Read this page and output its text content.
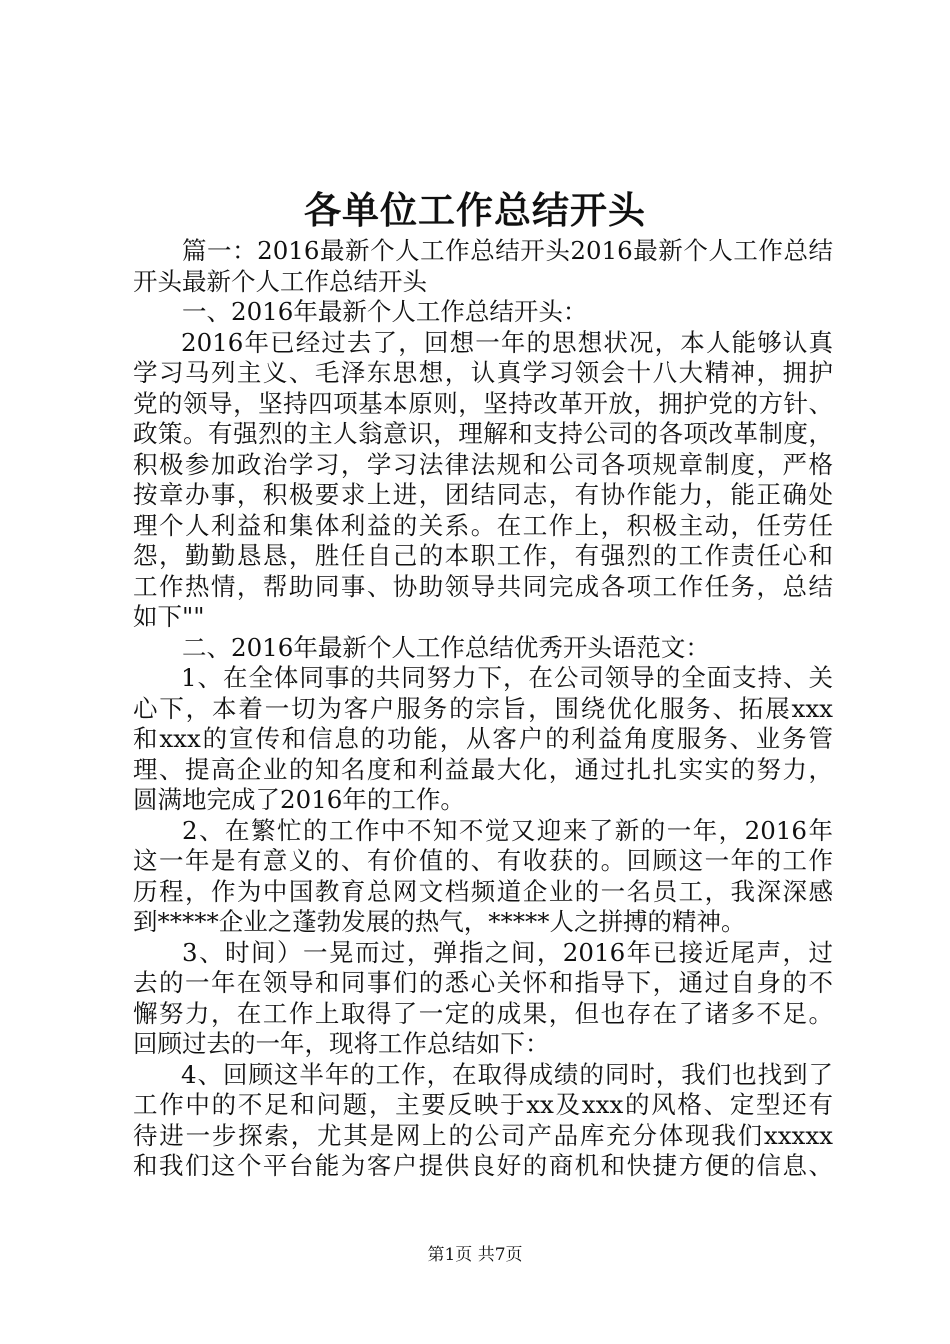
各单位工作总结开头
篇一：2016最新个人工作总结开头2016最新个人工作总结
开头最新个人工作总结开头
一、2016年最新个人工作总结开头：
2016年已经过去了，回想一年的思想状况，本人能够认真
学习马列主义、毛泽东思想，认真学习领会十八大精神，拥护
党的领导，坚持四项基本原则，坚持改革开放，拥护党的方针、
政策。有强烈的主人翁意识，理解和支持公司的各项改革制度，
积极参加政治学习，学习法律法规和公司各项规章制度，严格
按章办事，积极要求上进，团结同志，有协作能力，能正确处
理个人利益和集体利益的关系。在工作上，积极主动，任劳任
怨，勤勤恳恳，胜任自己的本职工作，有强烈的工作责任心和
工作热情，帮助同事、协助领导共同完成各项工作任务，总结
如下""
二、2016年最新个人工作总结优秀开头语范文：
1、在全体同事的共同努力下，在公司领导的全面支持、关
心下，本着一切为客户服务的宗旨，围绕优化服务、拓展xxx
和xxx的宣传和信息的功能，从客户的利益角度服务、业务管
理、提高企业的知名度和利益最大化，通过扎扎实实的努力，
圆满地完成了2016年的工作。
2、在繁忙的工作中不知不觉又迎来了新的一年，2016年
这一年是有意义的、有价值的、有收获的。回顾这一年的工作
历程，作为中国教育总网文档频道企业的一名员工，我深深感
到*****企业之蓬勃发展的热气，*****人之拼搏的精神。
3、时间）一晃而过，弹指之间，2016年已接近尾声，过
去的一年在领导和同事们的悉心关怀和指导下，通过自身的不
懈努力，在工作上取得了一定的成果，但也存在了诸多不足。
回顾过去的一年，现将工作总结如下：
4、回顾这半年的工作，在取得成绩的同时，我们也找到了
工作中的不足和问题，主要反映于xx及xxx的风格、定型还有
待进一步探索，尤其是网上的公司产品库充分体现我们xxxxx
和我们这个平台能为客户提供良好的商机和快捷方便的信息、
第1页 共7页
